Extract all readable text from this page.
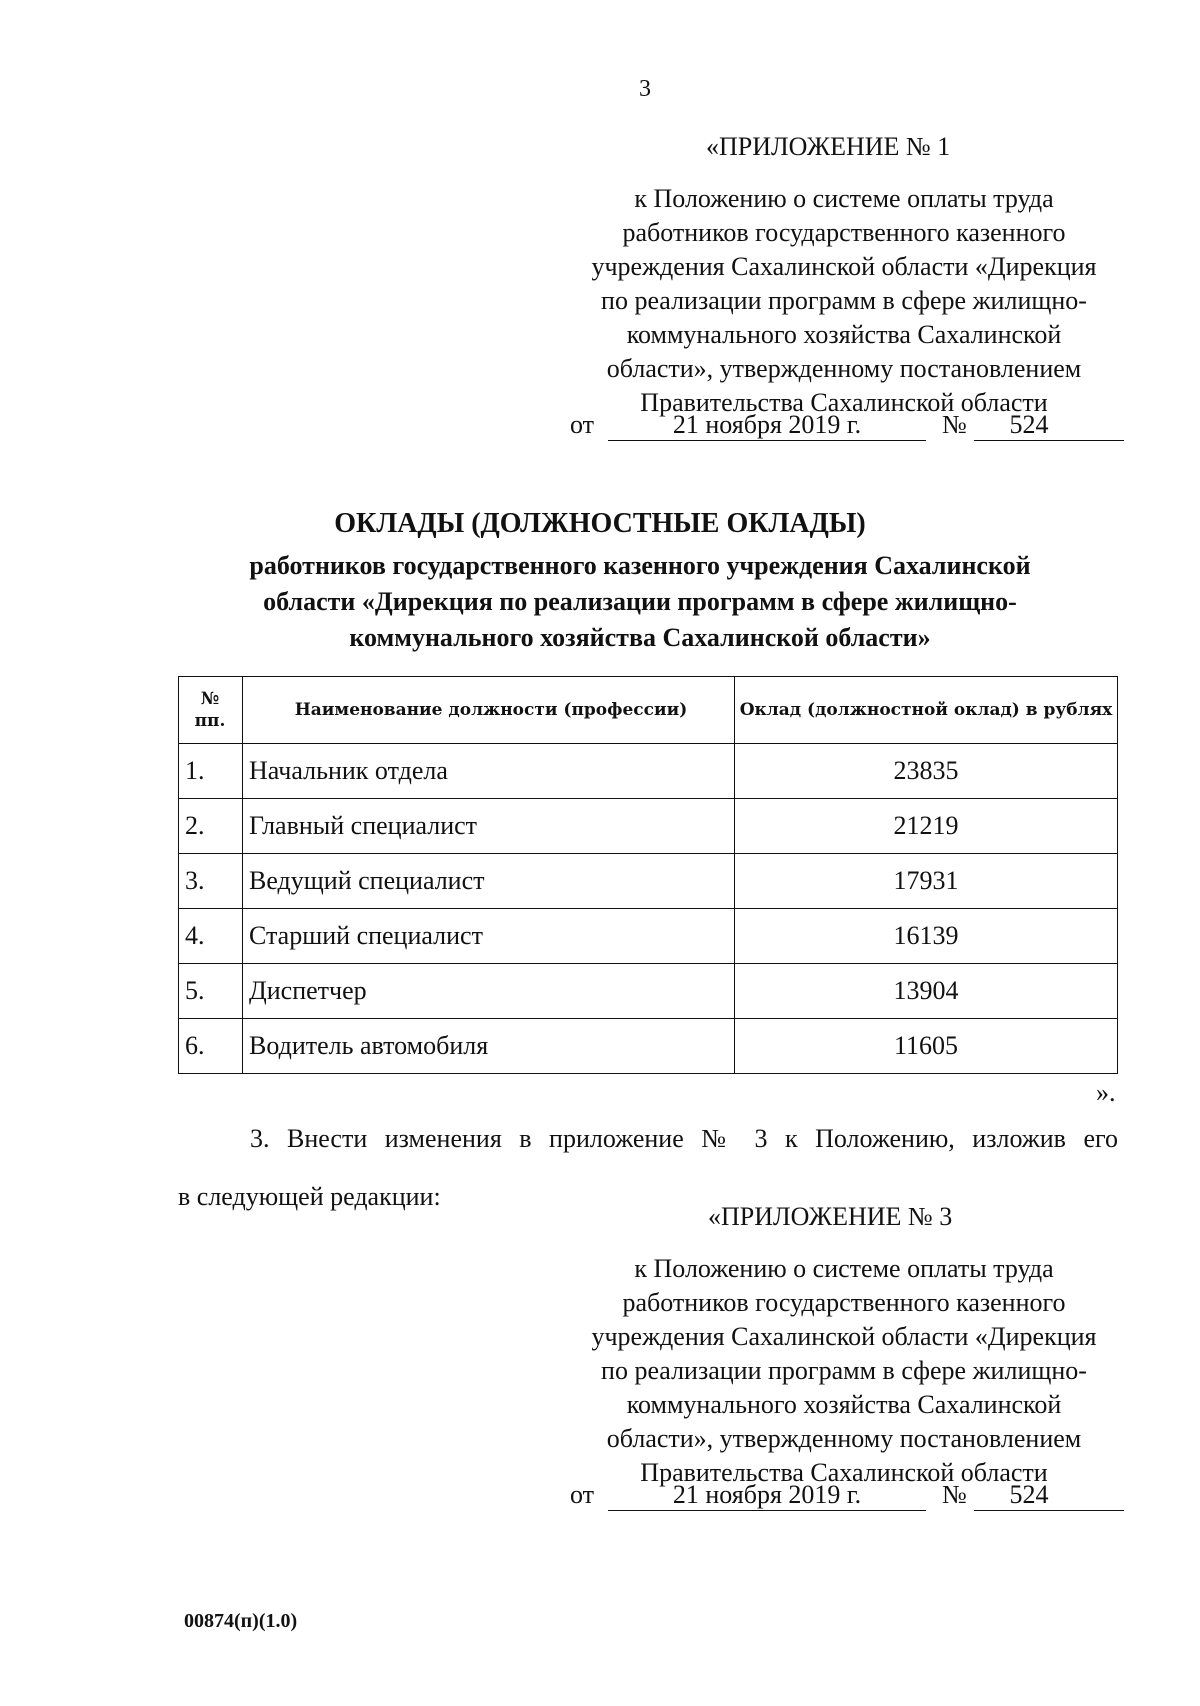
3
«ПРИЛОЖЕНИЕ № 1
к Положению о системе оплаты труда
работников государственного казенного
учреждения Сахалинской области «Дирекция
по реализации программ в сфере жилищно-
коммунального хозяйства Сахалинской
области», утвержденному постановлением
Правительства Сахалинской области
от	21 ноября 2019 г.	№	524
ОКЛАДЫ (ДОЛЖНОСТНЫЕ ОКЛАДЫ)
работников государственного казенного учреждения Сахалинской
области «Дирекция по реализации программ в сфере жилищно-
коммунального хозяйства Сахалинской области»
№
пп.	Наименование должности (профессии)	Оклад (должностной оклад) в рублях
1.	Начальник отдела	23835
2.	Главный специалист	21219
3.	Ведущий специалист	17931
4.	Старший специалист	16139
5.	Диспетчер	13904
6.	Водитель автомобиля	11605
».
3. Внести изменения в приложение № 3 к Положению, изложив его
в следующей редакции:
«ПРИЛОЖЕНИЕ № 3
к Положению о системе оплаты труда
работников государственного казенного
учреждения Сахалинской области «Дирекция
по реализации программ в сфере жилищно-
коммунального хозяйства Сахалинской
области», утвержденному постановлением
Правительства Сахалинской области
от	21 ноября 2019 г.	№	524
00874(п)(1.0)
